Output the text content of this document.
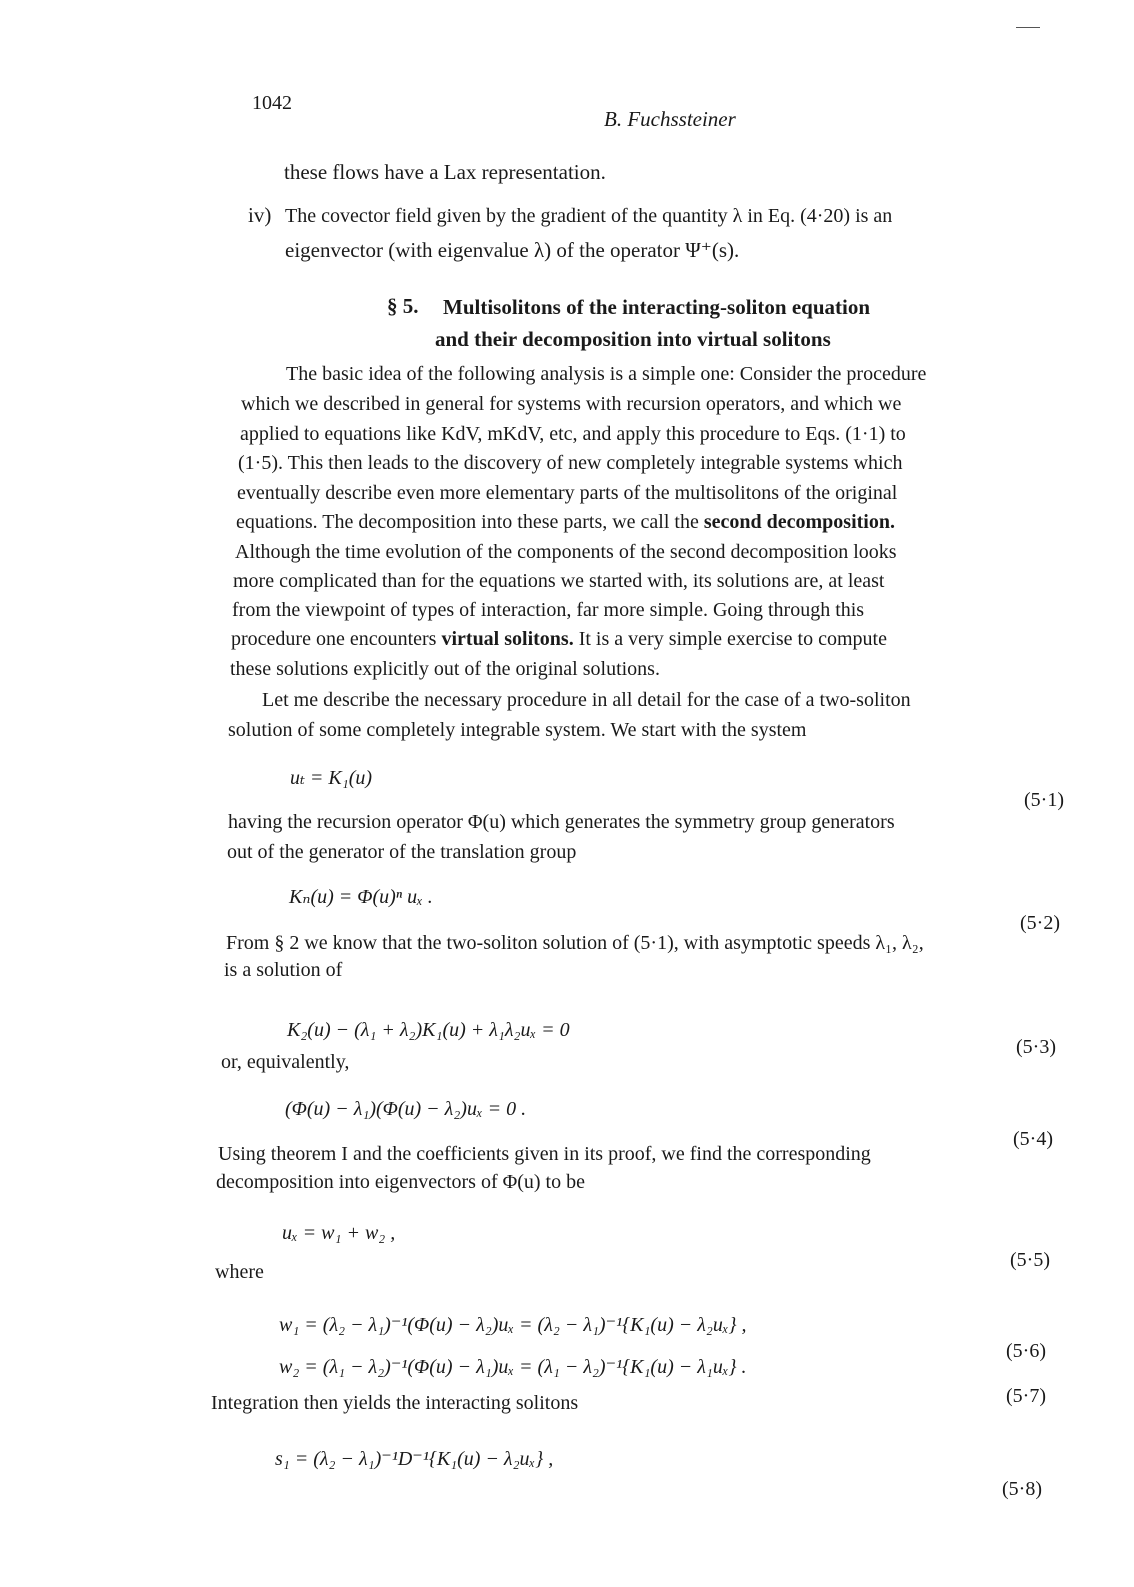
1042
B. Fuchssteiner
these flows have a Lax representation.
iv) The covector field given by the gradient of the quantity λ in Eq. (4·20) is an
eigenvector (with eigenvalue λ) of the operator Ψ⁺(s).
§ 5. Multisolitons of the interacting-soliton equation
and their decomposition into virtual solitons
The basic idea of the following analysis is a simple one: Consider the procedure
which we described in general for systems with recursion operators, and which we
applied to equations like KdV, mKdV, etc, and apply this procedure to Eqs. (1·1) to
(1·5). This then leads to the discovery of new completely integrable systems which
eventually describe even more elementary parts of the multisolitons of the original
equations. The decomposition into these parts, we call the second decomposition.
Although the time evolution of the components of the second decomposition looks
more complicated than for the equations we started with, its solutions are, at least
from the viewpoint of types of interaction, far more simple. Going through this
procedure one encounters virtual solitons. It is a very simple exercise to compute
these solutions explicitly out of the original solutions.
Let me describe the necessary procedure in all detail for the case of a two-soliton
solution of some completely integrable system. We start with the system
uₜ = K₁(u)
(5·1)
having the recursion operator Φ(u) which generates the symmetry group generators
out of the generator of the translation group
Kₙ(u) = Φ(u)ⁿ uₓ .
(5·2)
From § 2 we know that the two-soliton solution of (5·1), with asymptotic speeds λ₁, λ₂,
is a solution of
K₂(u) − (λ₁ + λ₂)K₁(u) + λ₁λ₂uₓ = 0
(5·3)
or, equivalently,
(Φ(u) − λ₁)(Φ(u) − λ₂)uₓ = 0 .
(5·4)
Using theorem I and the coefficients given in its proof, we find the corresponding
decomposition into eigenvectors of Φ(u) to be
uₓ = w₁ + w₂ ,
(5·5)
where
w₁ = (λ₂ − λ₁)⁻¹(Φ(u) − λ₂)uₓ = (λ₂ − λ₁)⁻¹{K₁(u) − λ₂uₓ} ,
(5·6)
w₂ = (λ₁ − λ₂)⁻¹(Φ(u) − λ₁)uₓ = (λ₁ − λ₂)⁻¹{K₁(u) − λ₁uₓ} .
(5·7)
Integration then yields the interacting solitons
s₁ = (λ₂ − λ₁)⁻¹D⁻¹{K₁(u) − λ₂uₓ} ,
(5·8)
